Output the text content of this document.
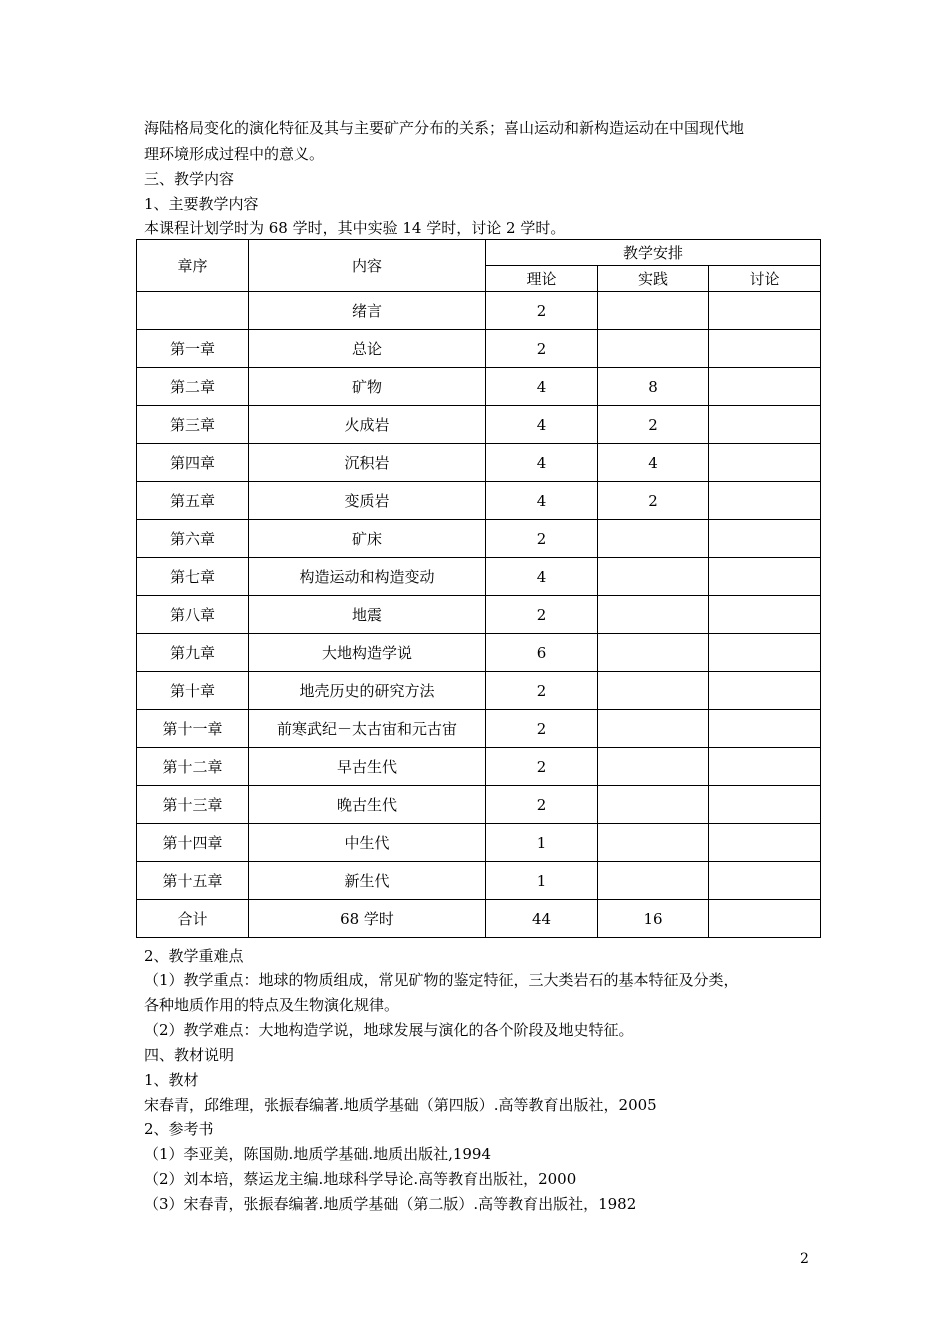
海陆格局变化的演化特征及其与主要矿产分布的关系；喜山运动和新构造运动在中国现代地
理环境形成过程中的意义。
三、教学内容
1、主要教学内容
本课程计划学时为 68 学时，其中实验 14 学时，讨论 2 学时。
章序	内容	教学安排		
		理论	实践	讨论
	绪言	2		
第一章	总论	2		
第二章	矿物	4	8	
第三章	火成岩	4	2	
第四章	沉积岩	4	4	
第五章	变质岩	4	2	
第六章	矿床	2		
第七章	构造运动和构造变动	4		
第八章	地震	2		
第九章	大地构造学说	6		
第十章	地壳历史的研究方法	2		
第十一章	前寒武纪－太古宙和元古宙	2		
第十二章	早古生代	2		
第十三章	晚古生代	2		
第十四章	中生代	1		
第十五章	新生代	1		
合计	68 学时	44	16	
2、教学重难点
（1）教学重点：地球的物质组成，常见矿物的鉴定特征，三大类岩石的基本特征及分类，
各种地质作用的特点及生物演化规律。
（2）教学难点：大地构造学说，地球发展与演化的各个阶段及地史特征。
四、教材说明
1、教材
宋春青，邱维理，张振春编著.地质学基础（第四版）.高等教育出版社，2005
2、参考书
（1）李亚美，陈国勋.地质学基础.地质出版社,1994
（2）刘本培，蔡运龙主编.地球科学导论.高等教育出版社，2000
（3）宋春青，张振春编著.地质学基础（第二版）.高等教育出版社，1982
2
